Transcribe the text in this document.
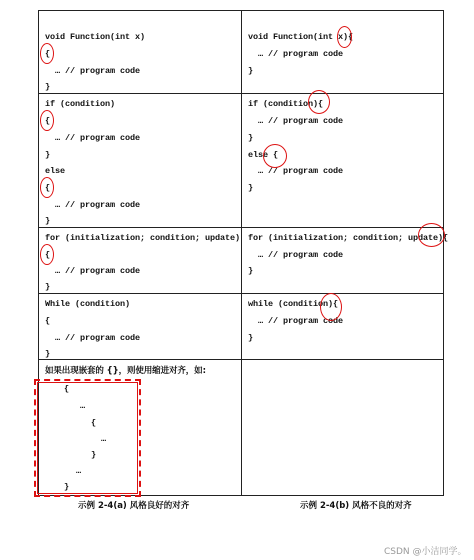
void Function(int x)
{
… // program code
}
void Function(int x){
… // program code
}
if (condition)
{
… // program code
}
else
{
… // program code
}
if (condition){
… // program code
}
else {
… // program code
}
for (initialization; condition; update)
{
… // program code
}
for (initialization; condition; update){
… // program code
}
While (condition)
{
… // program code
}
while (condition){
… // program code
}
如果出现嵌套的 {}，则使用缩进对齐，如:
{
…
{
…
}
…
}
示例 2-4(a) 风格良好的对齐	示例 2-4(b) 风格不良的对齐
CSDN @小洁同学。
